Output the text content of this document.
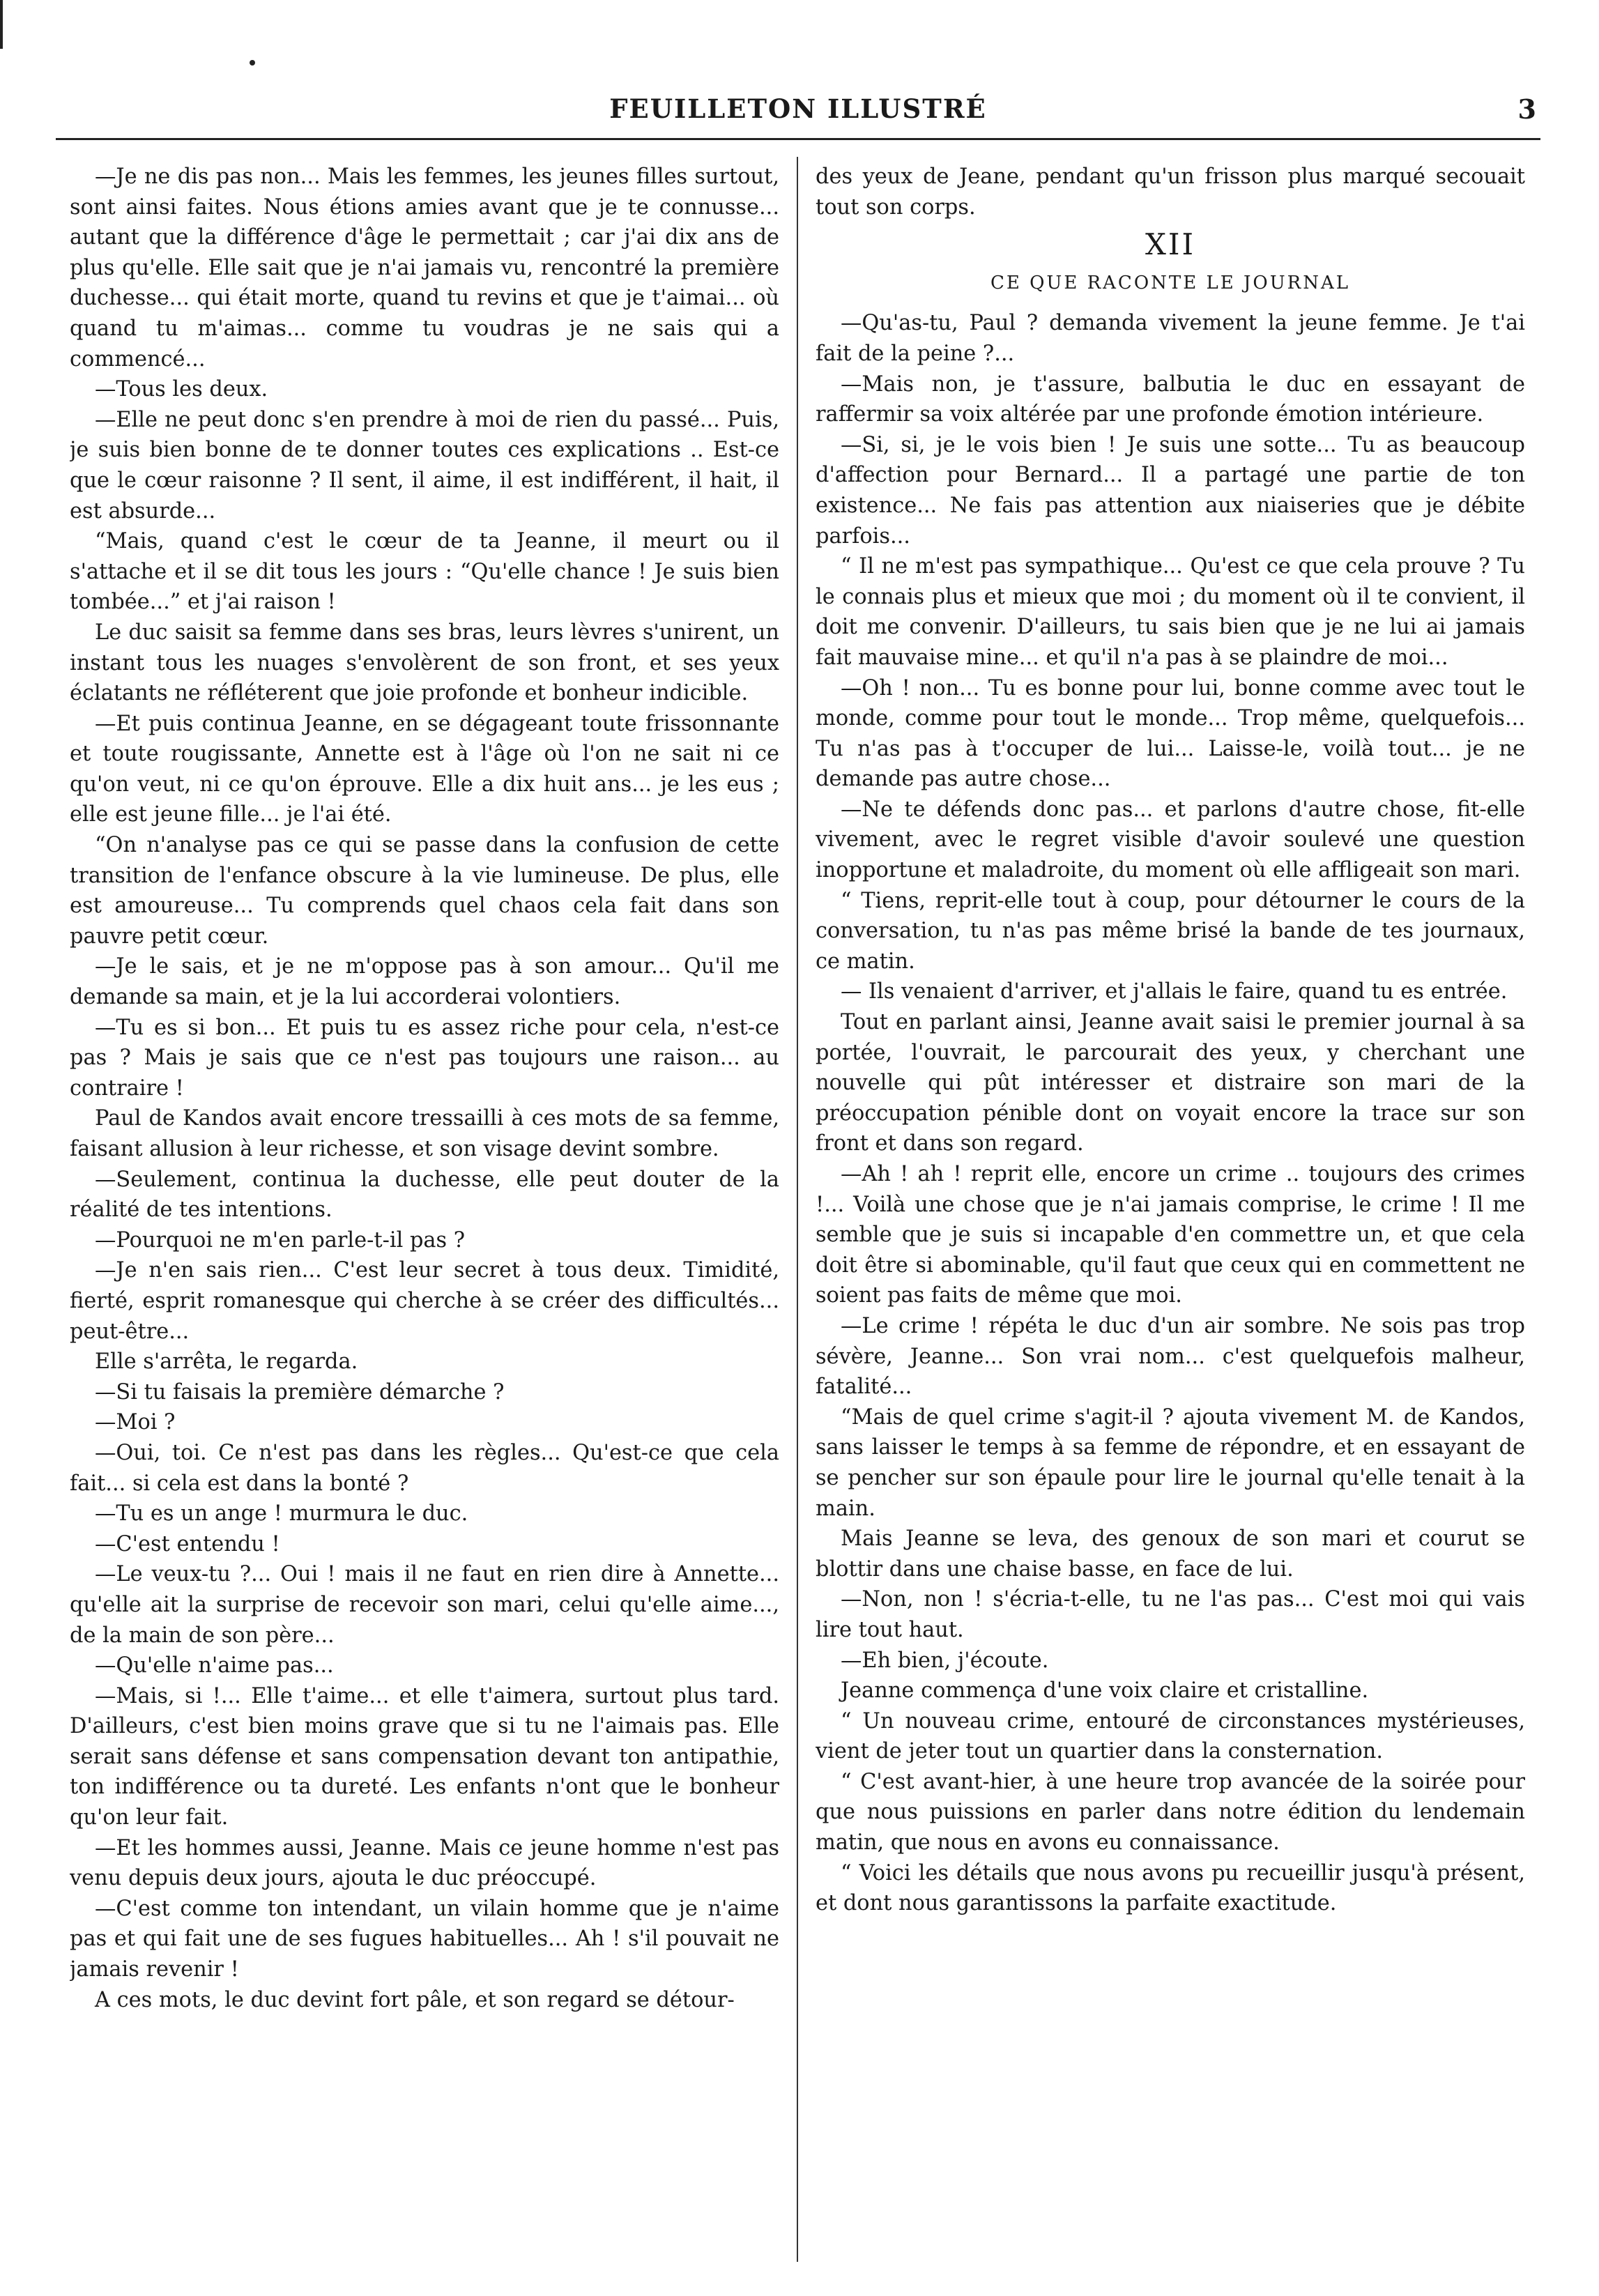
FEUILLETON ILLUSTRÉ	3

—Je ne dis pas non... Mais les femmes, les jeunes filles surtout, sont ainsi faites. Nous étions amies avant que je te connusse... autant que la différence d'âge le permettait ; car j'ai dix ans de plus qu'elle. Elle sait que je n'ai jamais vu, rencontré la première duchesse... qui était morte, quand tu revins et que je t'aimai... où quand tu m'aimas... comme tu voudras je ne sais qui a commencé...

—Tous les deux.

—Elle ne peut donc s'en prendre à moi de rien du passé... Puis, je suis bien bonne de te donner toutes ces explications .. Est-ce que le cœur raisonne ? Il sent, il aime, il est indifférent, il hait, il est absurde...

“Mais, quand c'est le cœur de ta Jeanne, il meurt ou il s'attache et il se dit tous les jours : “Qu'elle chance ! Je suis bien tombée...” et j'ai raison !

Le duc saisit sa femme dans ses bras, leurs lèvres s'unirent, un instant tous les nuages s'envolèrent de son front, et ses yeux éclatants ne réfléterent que joie profonde et bonheur indicible.

—Et puis continua Jeanne, en se dégageant toute frissonnante et toute rougissante, Annette est à l'âge où l'on ne sait ni ce qu'on veut, ni ce qu'on éprouve. Elle a dix huit ans... je les eus ; elle est jeune fille... je l'ai été.

“On n'analyse pas ce qui se passe dans la confusion de cette transition de l'enfance obscure à la vie lumineuse. De plus, elle est amoureuse... Tu comprends quel chaos cela fait dans son pauvre petit cœur.

—Je le sais, et je ne m'oppose pas à son amour... Qu'il me demande sa main, et je la lui accorderai volontiers.

—Tu es si bon... Et puis tu es assez riche pour cela, n'est-ce pas ? Mais je sais que ce n'est pas toujours une raison... au contraire !

Paul de Kandos avait encore tressailli à ces mots de sa femme, faisant allusion à leur richesse, et son visage devint sombre.

—Seulement, continua la duchesse, elle peut douter de la réalité de tes intentions.

—Pourquoi ne m'en parle-t-il pas ?

—Je n'en sais rien... C'est leur secret à tous deux. Timidité, fierté, esprit romanesque qui cherche à se créer des difficultés... peut-être...

Elle s'arrêta, le regarda.

—Si tu faisais la première démarche ?

—Moi ?

—Oui, toi. Ce n'est pas dans les règles... Qu'est-ce que cela fait... si cela est dans la bonté ?

—Tu es un ange ! murmura le duc.

—C'est entendu !

—Le veux-tu ?... Oui ! mais il ne faut en rien dire à Annette... qu'elle ait la surprise de recevoir son mari, celui qu'elle aime..., de la main de son père...

—Qu'elle n'aime pas...

—Mais, si !... Elle t'aime... et elle t'aimera, surtout plus tard. D'ailleurs, c'est bien moins grave que si tu ne l'aimais pas. Elle serait sans défense et sans compensation devant ton antipathie, ton indifférence ou ta dureté. Les enfants n'ont que le bonheur qu'on leur fait.

—Et les hommes aussi, Jeanne. Mais ce jeune homme n'est pas venu depuis deux jours, ajouta le duc préoccupé.

—C'est comme ton intendant, un vilain homme que je n'aime pas et qui fait une de ses fugues habituelles... Ah ! s'il pouvait ne jamais revenir !

A ces mots, le duc devint fort pâle, et son regard se détour-

des yeux de Jeane, pendant qu'un frisson plus marqué secouait tout son corps.

XII
CE QUE RACONTE LE JOURNAL

—Qu'as-tu, Paul ? demanda vivement la jeune femme. Je t'ai fait de la peine ?...

—Mais non, je t'assure, balbutia le duc en essayant de raffermir sa voix altérée par une profonde émotion intérieure.

—Si, si, je le vois bien ! Je suis une sotte... Tu as beaucoup d'affection pour Bernard... Il a partagé une partie de ton existence... Ne fais pas attention aux niaiseries que je débite parfois...

“ Il ne m'est pas sympathique... Qu'est ce que cela prouve ? Tu le connais plus et mieux que moi ; du moment où il te convient, il doit me convenir. D'ailleurs, tu sais bien que je ne lui ai jamais fait mauvaise mine... et qu'il n'a pas à se plaindre de moi...

—Oh ! non... Tu es bonne pour lui, bonne comme avec tout le monde, comme pour tout le monde... Trop même, quelquefois... Tu n'as pas à t'occuper de lui... Laisse-le, voilà tout... je ne demande pas autre chose...

—Ne te défends donc pas... et parlons d'autre chose, fit-elle vivement, avec le regret visible d'avoir soulevé une question inopportune et maladroite, du moment où elle affligeait son mari.

“ Tiens, reprit-elle tout à coup, pour détourner le cours de la conversation, tu n'as pas même brisé la bande de tes journaux, ce matin.

— Ils venaient d'arriver, et j'allais le faire, quand tu es entrée.

Tout en parlant ainsi, Jeanne avait saisi le premier journal à sa portée, l'ouvrait, le parcourait des yeux, y cherchant une nouvelle qui pût intéresser et distraire son mari de la préoccupation pénible dont on voyait encore la trace sur son front et dans son regard.

—Ah ! ah ! reprit elle, encore un crime .. toujours des crimes !... Voilà une chose que je n'ai jamais comprise, le crime ! Il me semble que je suis si incapable d'en commettre un, et que cela doit être si abominable, qu'il faut que ceux qui en commettent ne soient pas faits de même que moi.

—Le crime ! répéta le duc d'un air sombre. Ne sois pas trop sévère, Jeanne... Son vrai nom... c'est quelquefois malheur, fatalité...

“Mais de quel crime s'agit-il ? ajouta vivement M. de Kandos, sans laisser le temps à sa femme de répondre, et en essayant de se pencher sur son épaule pour lire le journal qu'elle tenait à la main.

Mais Jeanne se leva, des genoux de son mari et courut se blottir dans une chaise basse, en face de lui.

—Non, non ! s'écria-t-elle, tu ne l'as pas... C'est moi qui vais lire tout haut.

—Eh bien, j'écoute.

Jeanne commença d'une voix claire et cristalline.

“ Un nouveau crime, entouré de circonstances mystérieuses, vient de jeter tout un quartier dans la consternation.

“ C'est avant-hier, à une heure trop avancée de la soirée pour que nous puissions en parler dans notre édition du lendemain matin, que nous en avons eu connaissance.

“ Voici les détails que nous avons pu recueillir jusqu'à présent, et dont nous garantissons la parfaite exactitude.
